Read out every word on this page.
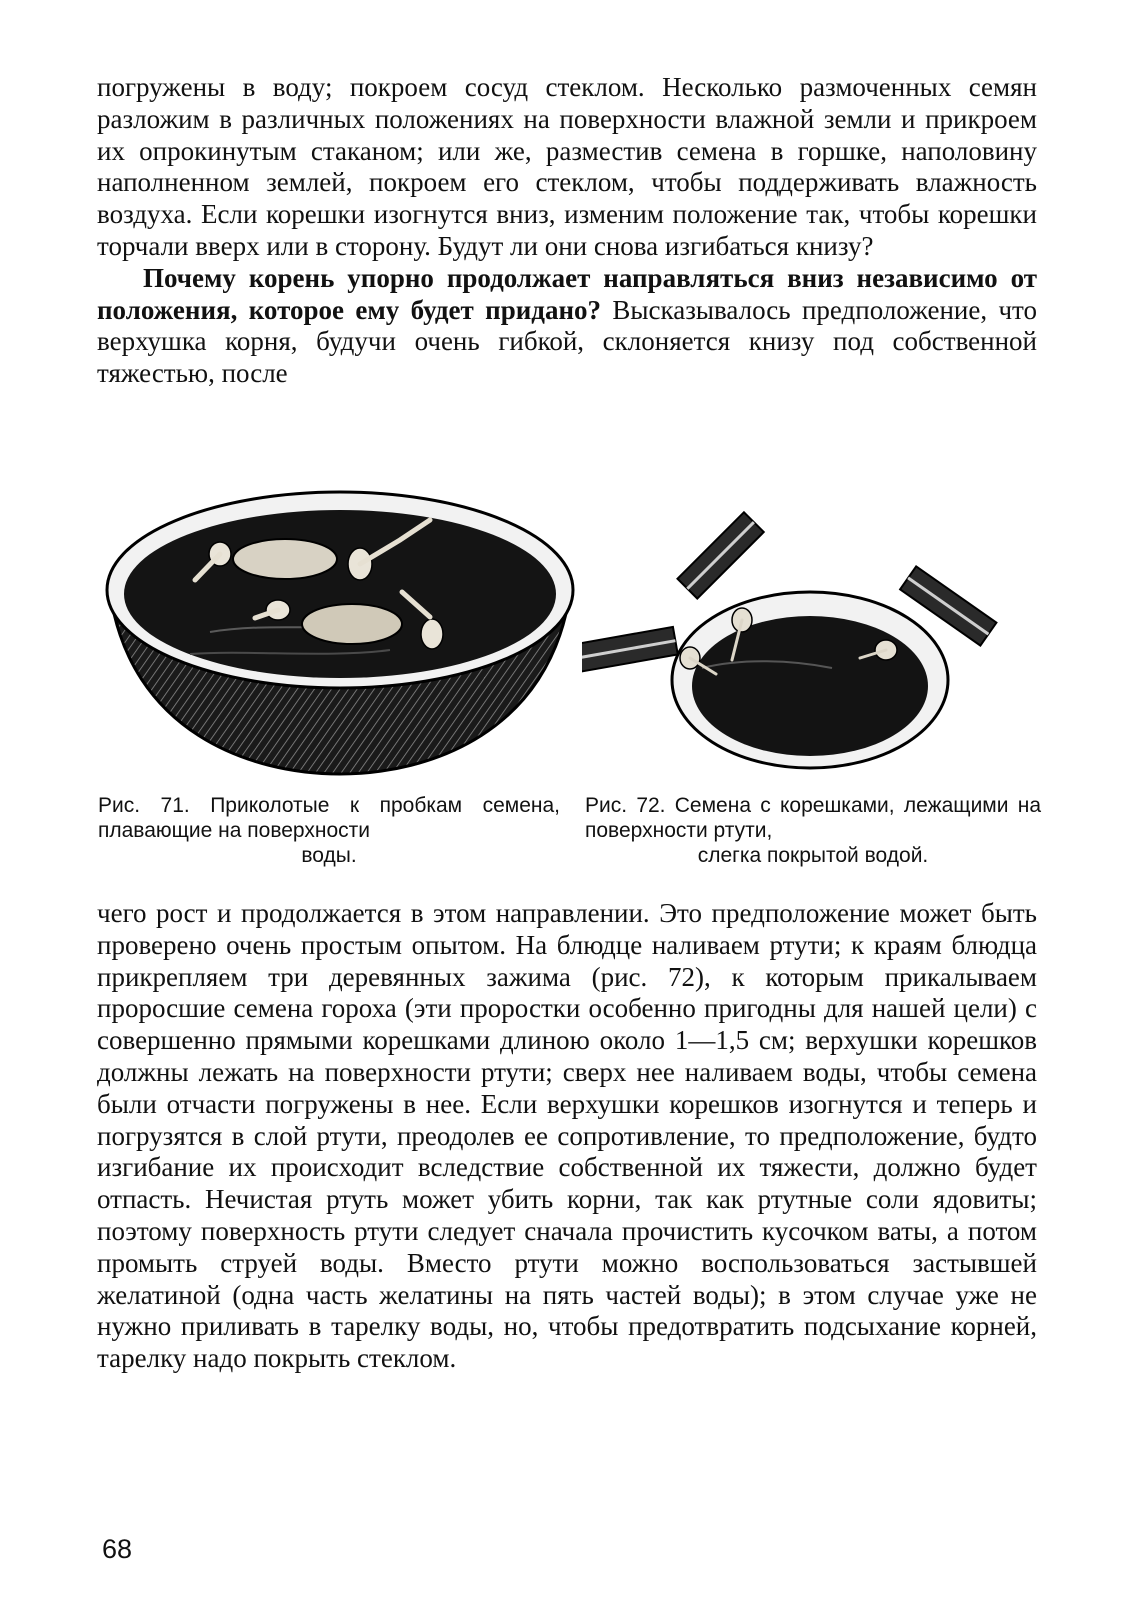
погружены в воду; покроем сосуд стеклом. Несколько размоченных семян разложим в различных положениях на поверхности влажной земли и прикроем их опрокинутым стаканом; или же, разместив семена в горшке, наполовину наполненном землей, покроем его стеклом, чтобы поддерживать влажность воздуха. Если корешки изогнутся вниз, изменим положение так, чтобы корешки торчали вверх или в сторону. Будут ли они снова изгибаться книзу?

Почему корень упорно продолжает направляться вниз независимо от положения, которое ему будет придано? Высказывалось предположение, что верхушка корня, будучи очень гибкой, склоняется книзу под собственной тяжестью, после

Рис. 71. Приколотые к пробкам семена, плавающие на поверхности
воды.
Рис. 72. Семена с корешками, лежащими на поверхности ртути,
слегка покрытой водой.

чего рост и продолжается в этом направлении. Это предположение может быть проверено очень простым опытом. На блюдце наливаем ртути; к краям блюдца прикрепляем три деревянных зажима (рис. 72), к которым прикалываем проросшие семена гороха (эти проростки особенно пригодны для нашей цели) с совершенно прямыми корешками длиною около 1—1,5 см; верхушки корешков должны лежать на поверхности ртути; сверх нее наливаем воды, чтобы семена были отчасти погружены в нее. Если верхушки корешков изогнутся и теперь и погрузятся в слой ртути, преодолев ее сопротивление, то предположение, будто изгибание их происходит вследствие собственной их тяжести, должно будет отпасть. Нечистая ртуть может убить корни, так как ртутные соли ядовиты; поэтому поверхность ртути следует сначала прочистить кусочком ваты, а потом промыть струей воды. Вместо ртути можно воспользоваться застывшей желатиной (одна часть желатины на пять частей воды); в этом случае уже не нужно приливать в тарелку воды, но, чтобы предотвратить подсыхание корней, тарелку надо покрыть стеклом.

68
